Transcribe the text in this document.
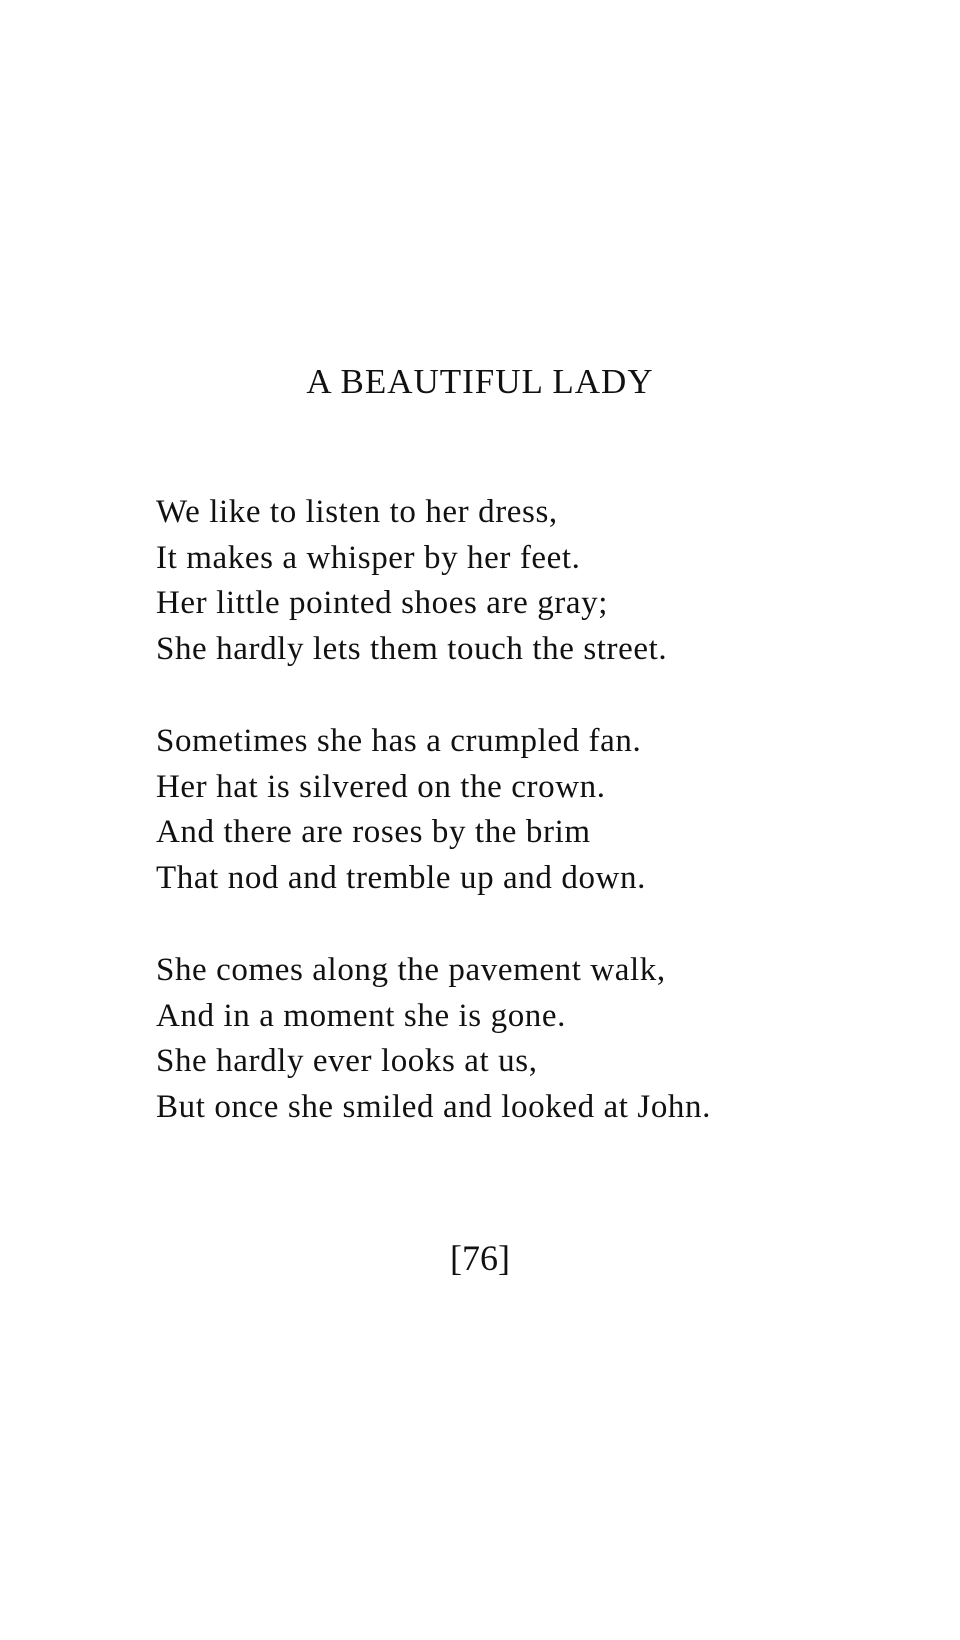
A BEAUTIFUL LADY
We like to listen to her dress,
It makes a whisper by her feet.
Her little pointed shoes are gray;
She hardly lets them touch the street.
Sometimes she has a crumpled fan.
Her hat is silvered on the crown.
And there are roses by the brim
That nod and tremble up and down.
She comes along the pavement walk,
And in a moment she is gone.
She hardly ever looks at us,
But once she smiled and looked at John.
[76]
